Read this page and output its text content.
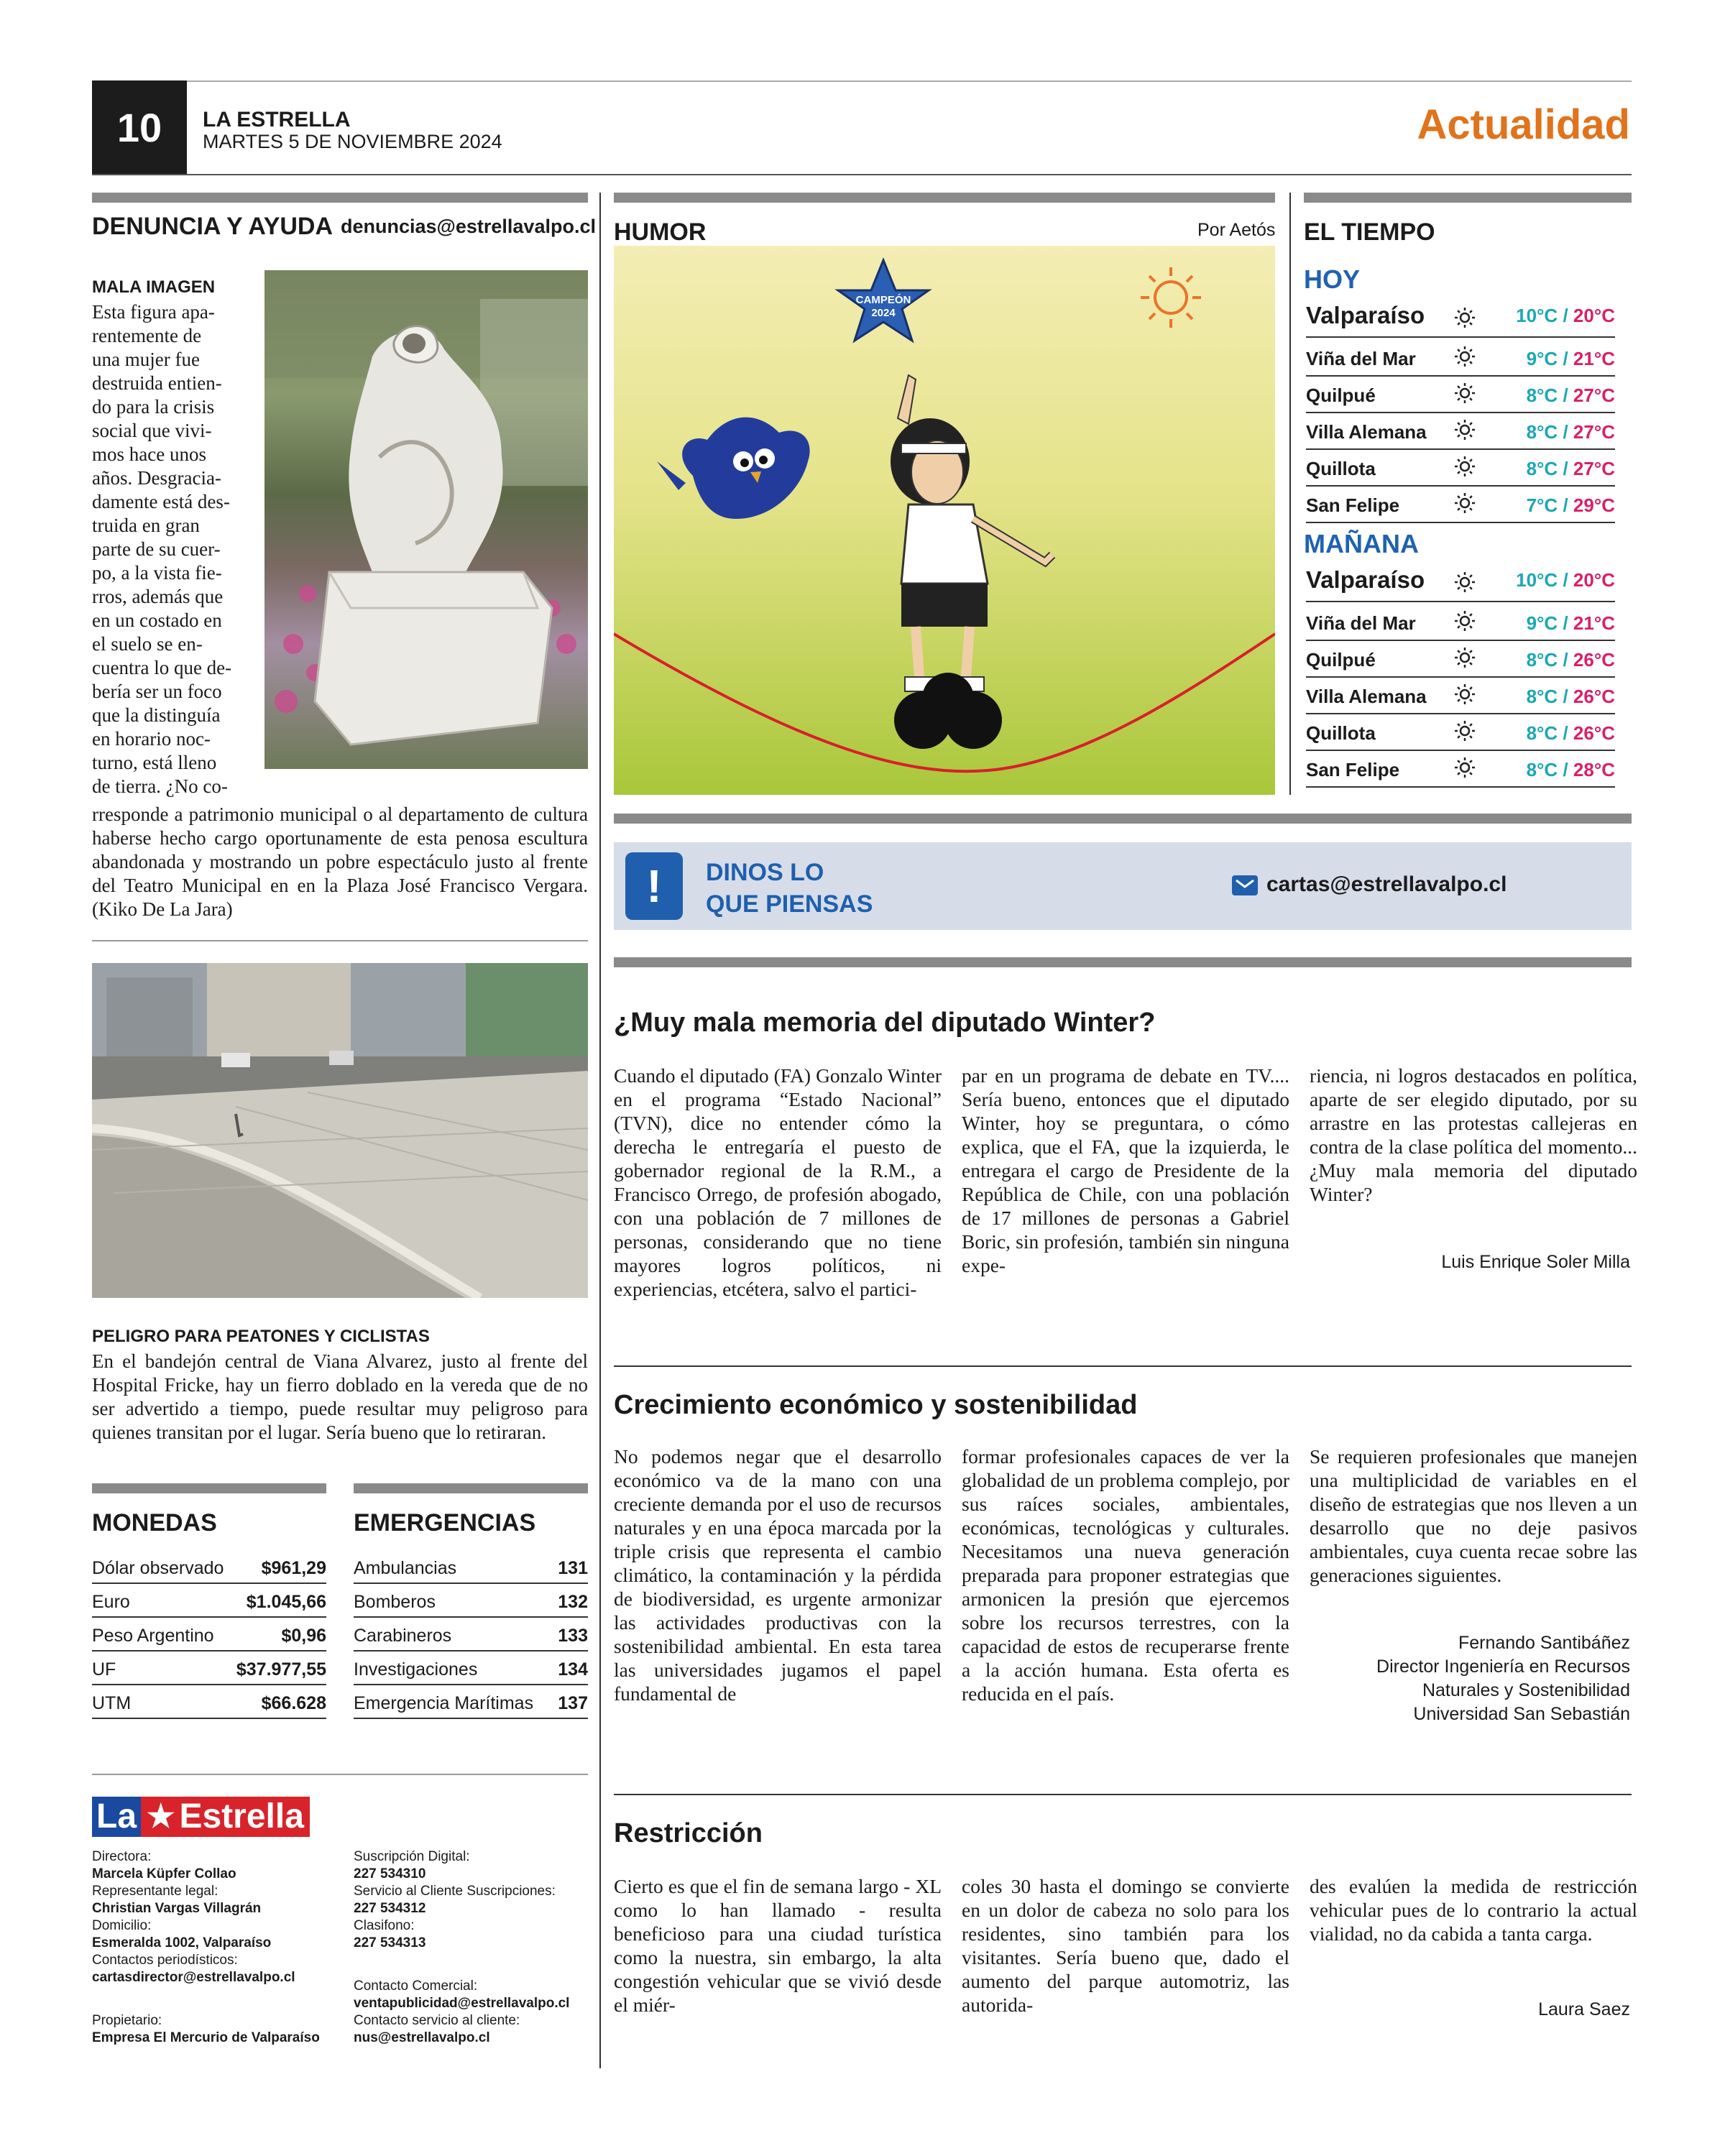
10	LA ESTRELLA
MARTES 5 DE NOVIEMBRE 2024	Actualidad
DENUNCIA Y AYUDA denuncias@estrellavalpo.cl
MALA IMAGEN
Esta figura apa-
rentemente de
una mujer fue
destruida entien-
do para la crisis
social que vivi-
mos hace unos
años. Desgracia-
damente está des-
truida en gran
parte de su cuer-
po, a la vista fie-
rros, además que
en un costado en
el suelo se en-
cuentra lo que de-
bería ser un foco
que la distinguía
en horario noc-
turno, está lleno
de tierra. ¿No co-
rresponde a patrimonio municipal o al departamento de cultura haberse hecho cargo oportunamente de esta penosa escultura abandonada y mostrando un pobre espectáculo justo al frente del Teatro Municipal en en la Plaza José Francisco Vergara.(Kiko De La Jara)
PELIGRO PARA PEATONES Y CICLISTAS
En el bandejón central de Viana Alvarez, justo al frente del Hospital Fricke, hay un fierro doblado en la vereda que de no ser advertido a tiempo, puede resultar muy peligroso para quienes transitan por el lugar. Sería bueno que lo retiraran.
MONEDAS
Dólar observado $961,29
Euro	$1.045,66
Peso Argentino	$0,96
UF	$37.977,55
UTM	$66.628
EMERGENCIAS
Ambulancias	131
Bomberos	132
Carabineros	133
Investigaciones	134
Emergencia Marítimas 137
La ★ Estrella
Directora:
Marcela Küpfer Collao
Representante legal:
Christian Vargas Villagrán
Domicilio:
Esmeralda 1002, Valparaíso
Contactos periodísticos:
cartasdirector@estrellavalpo.cl
Propietario:
Empresa El Mercurio de Valparaíso
Suscripción Digital:
227 534310
Servicio al Cliente Suscripciones:
227 534312
Clasifono:
227 534313
Contacto Comercial:
ventapublicidad@estrellavalpo.cl
Contacto servicio al cliente:
nus@estrellavalpo.cl
HUMOR	Por Aetós
CAMPEÓN
2024
EL TIEMPO
HOY
Valparaíso	10°C / 20°C
Viña del Mar	9°C / 21°C
Quilpué	8°C / 27°C
Villa Alemana	8°C / 27°C
Quillota	8°C / 27°C
San Felipe	7°C / 29°C
MAÑANA
Valparaíso	10°C / 20°C
Viña del Mar	9°C / 21°C
Quilpué	8°C / 26°C
Villa Alemana	8°C / 26°C
Quillota	8°C / 26°C
San Felipe	8°C / 28°C
!	DINOS LO
QUE PIENSAS
cartas@estrellavalpo.cl
¿Muy mala memoria del diputado Winter?
Cuando el diputado (FA) Gonzalo Winter en el programa “Estado Nacional” (TVN), dice no entender cómo la derecha le entregaría el puesto de gobernador regional de la R.M., a Francisco Orrego, de profesión abogado, con una población de 7 millones de personas, considerando que no tiene mayores logros políticos, ni experiencias, etcétera, salvo el partici-
par en un programa de debate en TV.... Sería bueno, entonces que el diputado Winter, hoy se preguntara, o cómo explica, que el FA, que la izquierda, le entregara el cargo de Presidente de la República de Chile, con una población de 17 millones de personas a Gabriel Boric, sin profesión, también sin ninguna expe-
riencia, ni logros destacados en política, aparte de ser elegido diputado, por su arrastre en las protestas callejeras en contra de la clase política del momento... ¿Muy mala memoria del diputado Winter?
Luis Enrique Soler Milla
Crecimiento económico y sostenibilidad
No podemos negar que el desarrollo económico va de la mano con una creciente demanda por el uso de recursos naturales y en una época marcada por la triple crisis que representa el cambio climático, la contaminación y la pérdida de biodiversidad, es urgente armonizar las actividades productivas con la sostenibilidad ambiental. En esta tarea las universidades jugamos el papel fundamental de
formar profesionales capaces de ver la globalidad de un problema complejo, por sus raíces sociales, ambientales, económicas, tecnológicas y culturales. Necesitamos una nueva generación preparada para proponer estrategias que armonicen la presión que ejercemos sobre los recursos terrestres, con la capacidad de estos de recuperarse frente a la acción humana. Esta oferta es reducida en el país.
Se requieren profesionales que manejen una multiplicidad de variables en el diseño de estrategias que nos lleven a un desarrollo que no deje pasivos ambientales, cuya cuenta recae sobre las generaciones siguientes.
Fernando Santibáñez
Director Ingeniería en Recursos
Naturales y Sostenibilidad
Universidad San Sebastián
Restricción
Cierto es que el fin de semana largo - XL como lo han llamado - resulta beneficioso para una ciudad turística como la nuestra, sin embargo, la alta congestión vehicular que se vivió desde el miér-
coles 30 hasta el domingo se convierte en un dolor de cabeza no solo para los residentes, sino también para los visitantes. Sería bueno que, dado el aumento del parque automotriz, las autorida-
des evalúen la medida de restricción vehicular pues de lo contrario la actual vialidad, no da cabida a tanta carga.
Laura Saez
